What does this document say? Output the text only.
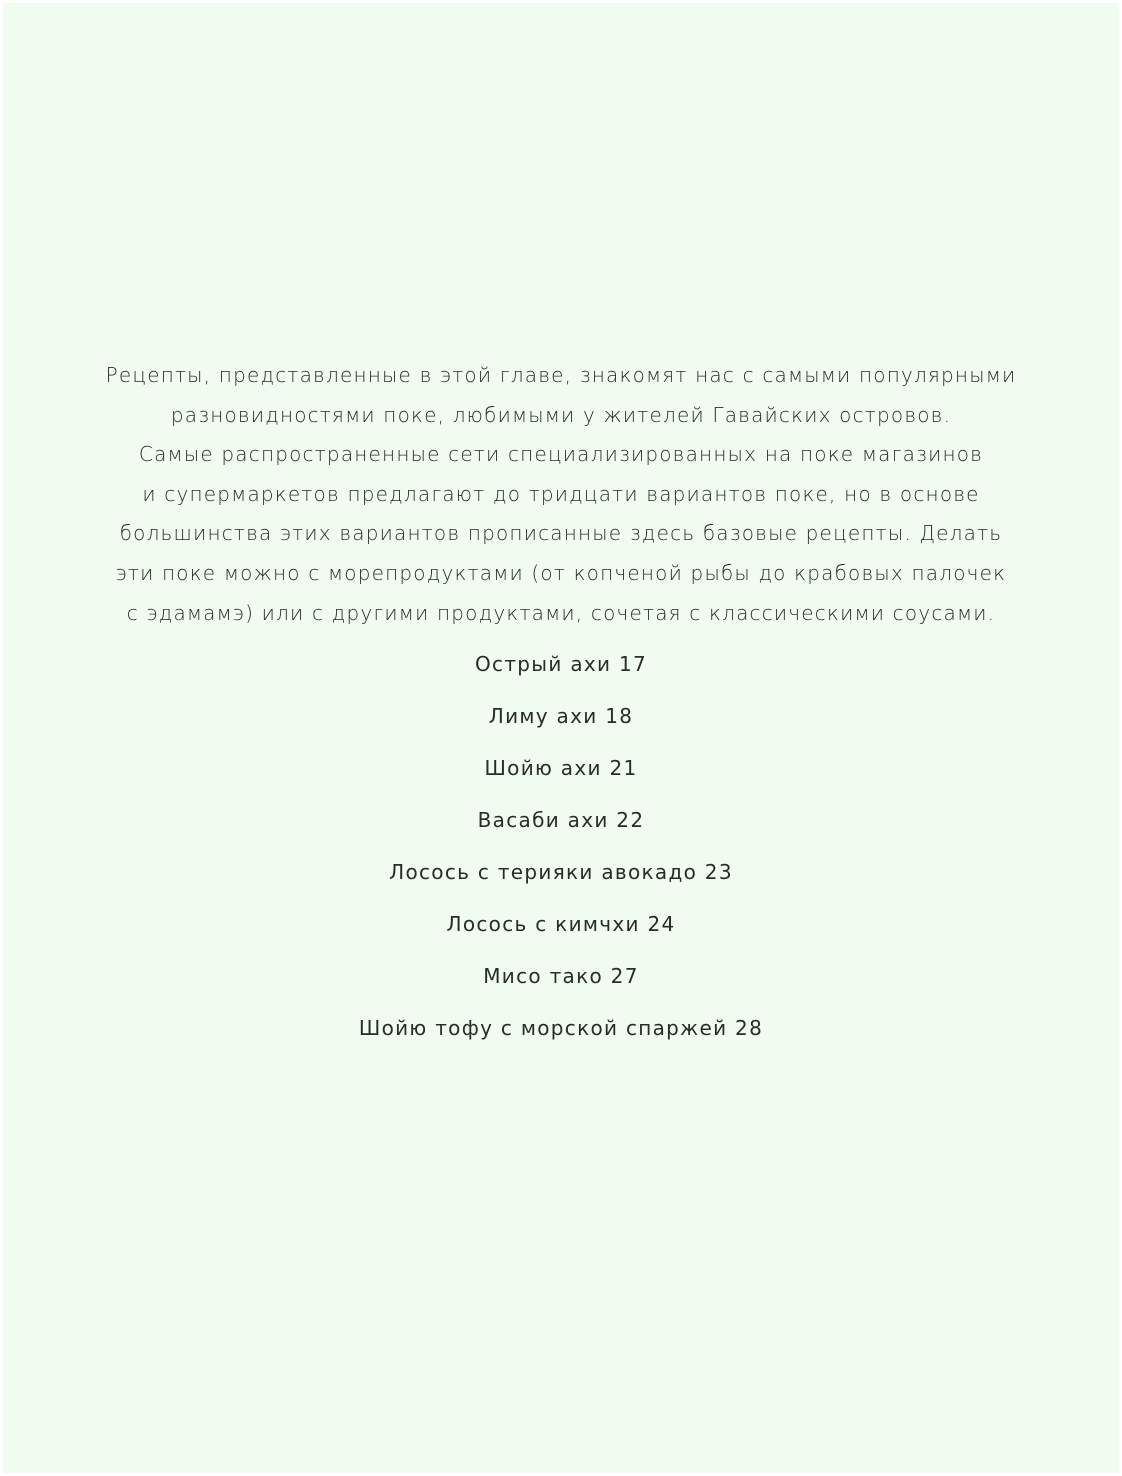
Рецепты, представленные в этой главе, знакомят нас с самыми популярными
разновидностями поке, любимыми у жителей Гавайских островов.
Самые распространенные сети специализированных на поке магазинов
и супермаркетов предлагают до тридцати вариантов поке, но в основе
большинства этих вариантов прописанные здесь базовые рецепты. Делать
эти поке можно с морепродуктами (от копченой рыбы до крабовых палочек
с эдамамэ) или с другими продуктами, сочетая с классическими соусами.

Острый ахи 17
Лиму ахи 18
Шойю ахи 21
Васаби ахи 22
Лосось с терияки авокадо 23
Лосось с кимчхи 24
Мисо тако 27
Шойю тофу с морской спаржей 28
